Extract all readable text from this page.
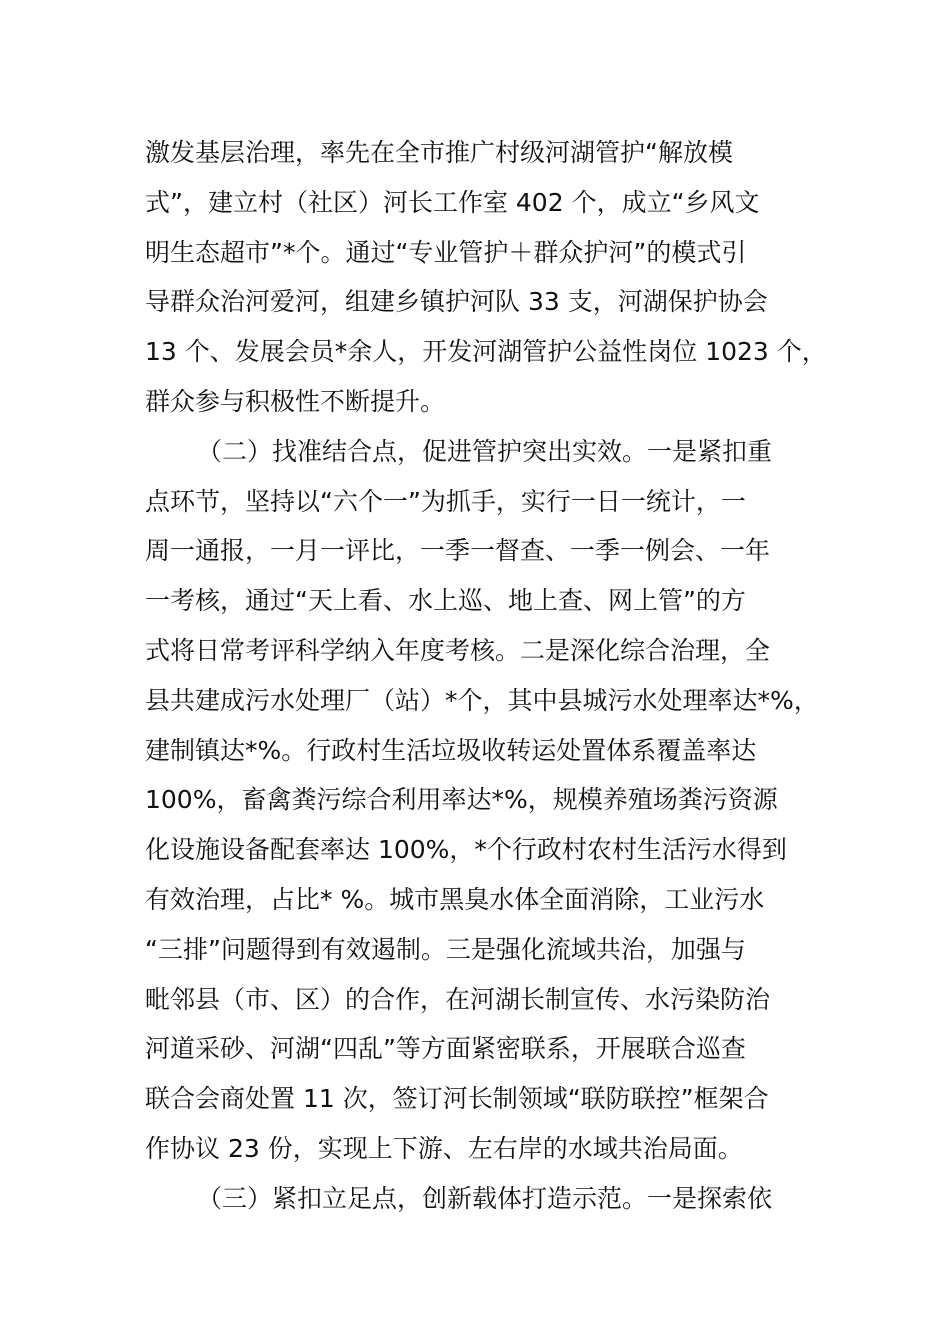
激发基层治理，率先在全市推广村级河湖管护“解放模
式”，建立村（社区）河长工作室 402 个，成立“乡风文
明生态超市”*个。通过“专业管护＋群众护河”的模式引
导群众治河爱河，组建乡镇护河队 33 支，河湖保护协会
13 个、发展会员*余人，开发河湖管护公益性岗位 1023 个，
群众参与积极性不断提升。
（二）找准结合点，促进管护突出实效。一是紧扣重
点环节，坚持以“六个一”为抓手，实行一日一统计，一
周一通报，一月一评比，一季一督查、一季一例会、一年
一考核，通过“天上看、水上巡、地上查、网上管”的方
式将日常考评科学纳入年度考核。二是深化综合治理，全
县共建成污水处理厂（站）*个，其中县城污水处理率达*%，
建制镇达*%。行政村生活垃圾收转运处置体系覆盖率达
100%，畜禽粪污综合利用率达*%，规模养殖场粪污资源
化设施设备配套率达 100%，*个行政村农村生活污水得到
有效治理，占比* %。城市黑臭水体全面消除，工业污水
“三排”问题得到有效遏制。三是强化流域共治，加强与
毗邻县（市、区）的合作，在河湖长制宣传、水污染防治
河道采砂、河湖“四乱”等方面紧密联系，开展联合巡查
联合会商处置 11 次，签订河长制领域“联防联控”框架合
作协议 23 份，实现上下游、左右岸的水域共治局面。
（三）紧扣立足点，创新载体打造示范。一是探索依
